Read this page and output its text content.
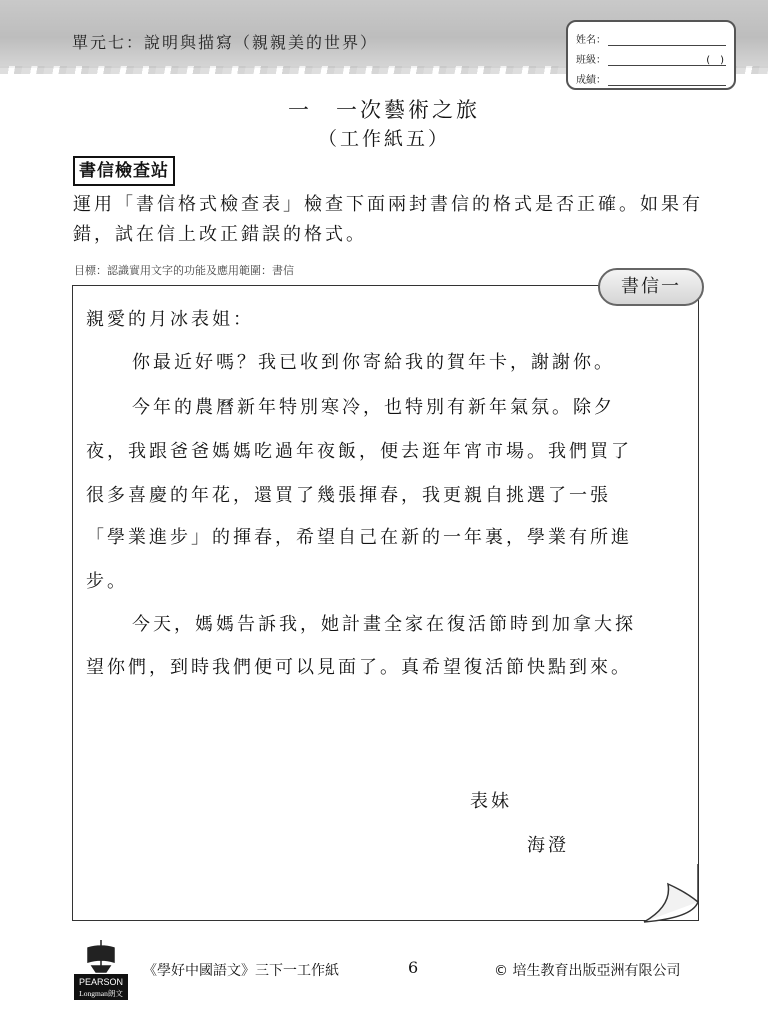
單元七：說明與描寫（親親美的世界）	姓名：
班級：	(　)
成績：
一　一次藝術之旅
（工作紙五）
書信檢查站
運用「書信格式檢查表」檢查下面兩封書信的格式是否正確。如果有錯，試在信上改正錯誤的格式。
目標：認識實用文字的功能及應用範圍：書信
書信一
親愛的月冰表姐：
你最近好嗎？我已收到你寄給我的賀年卡，謝謝你。
今年的農曆新年特別寒冷，也特別有新年氣氛。除夕
夜，我跟爸爸媽媽吃過年夜飯，便去逛年宵市場。我們買了
很多喜慶的年花，還買了幾張揮春，我更親自挑選了一張
「學業進步」的揮春，希望自己在新的一年裏，學業有所進
步。
今天，媽媽告訴我，她計畫全家在復活節時到加拿大探
望你們，到時我們便可以見面了。真希望復活節快點到來。
表妹
海澄
PEARSON
Longman朗文
《學好中國語文》三下一工作紙	6	© 培生教育出版亞洲有限公司
